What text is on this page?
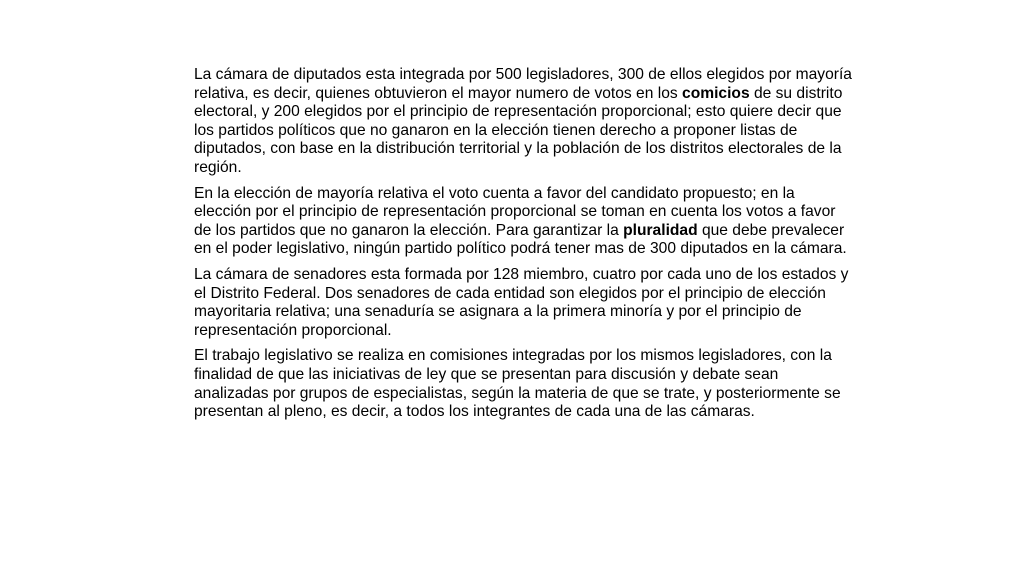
La cámara de diputados esta integrada por 500 legisladores, 300 de ellos elegidos por mayoría relativa, es decir, quienes obtuvieron el mayor numero de votos en los comicios de su distrito electoral, y 200 elegidos por el principio de representación proporcional; esto quiere decir que los partidos políticos que no ganaron en la elección tienen derecho a proponer listas de diputados, con base en la distribución territorial y la población de los distritos electorales de la región.

En la elección de mayoría relativa el voto cuenta a favor del candidato propuesto; en la elección por el principio de representación proporcional se toman en cuenta los votos a favor de los partidos que no ganaron la elección. Para garantizar la pluralidad que debe prevalecer en el poder legislativo, ningún partido político podrá tener mas de 300 diputados en la cámara.

La cámara de senadores esta formada por 128 miembro, cuatro por cada uno de los estados y el Distrito Federal. Dos senadores de cada entidad son elegidos por el principio de elección mayoritaria relativa; una senaduría se asignara a la primera minoría y por el principio de representación proporcional.

El trabajo legislativo se realiza en comisiones integradas por los mismos legisladores, con la finalidad de que las iniciativas de ley que se presentan para discusión y debate sean analizadas por grupos de especialistas, según la materia de que se trate, y posteriormente se presentan al pleno, es decir, a todos los integrantes de cada una de las cámaras.
